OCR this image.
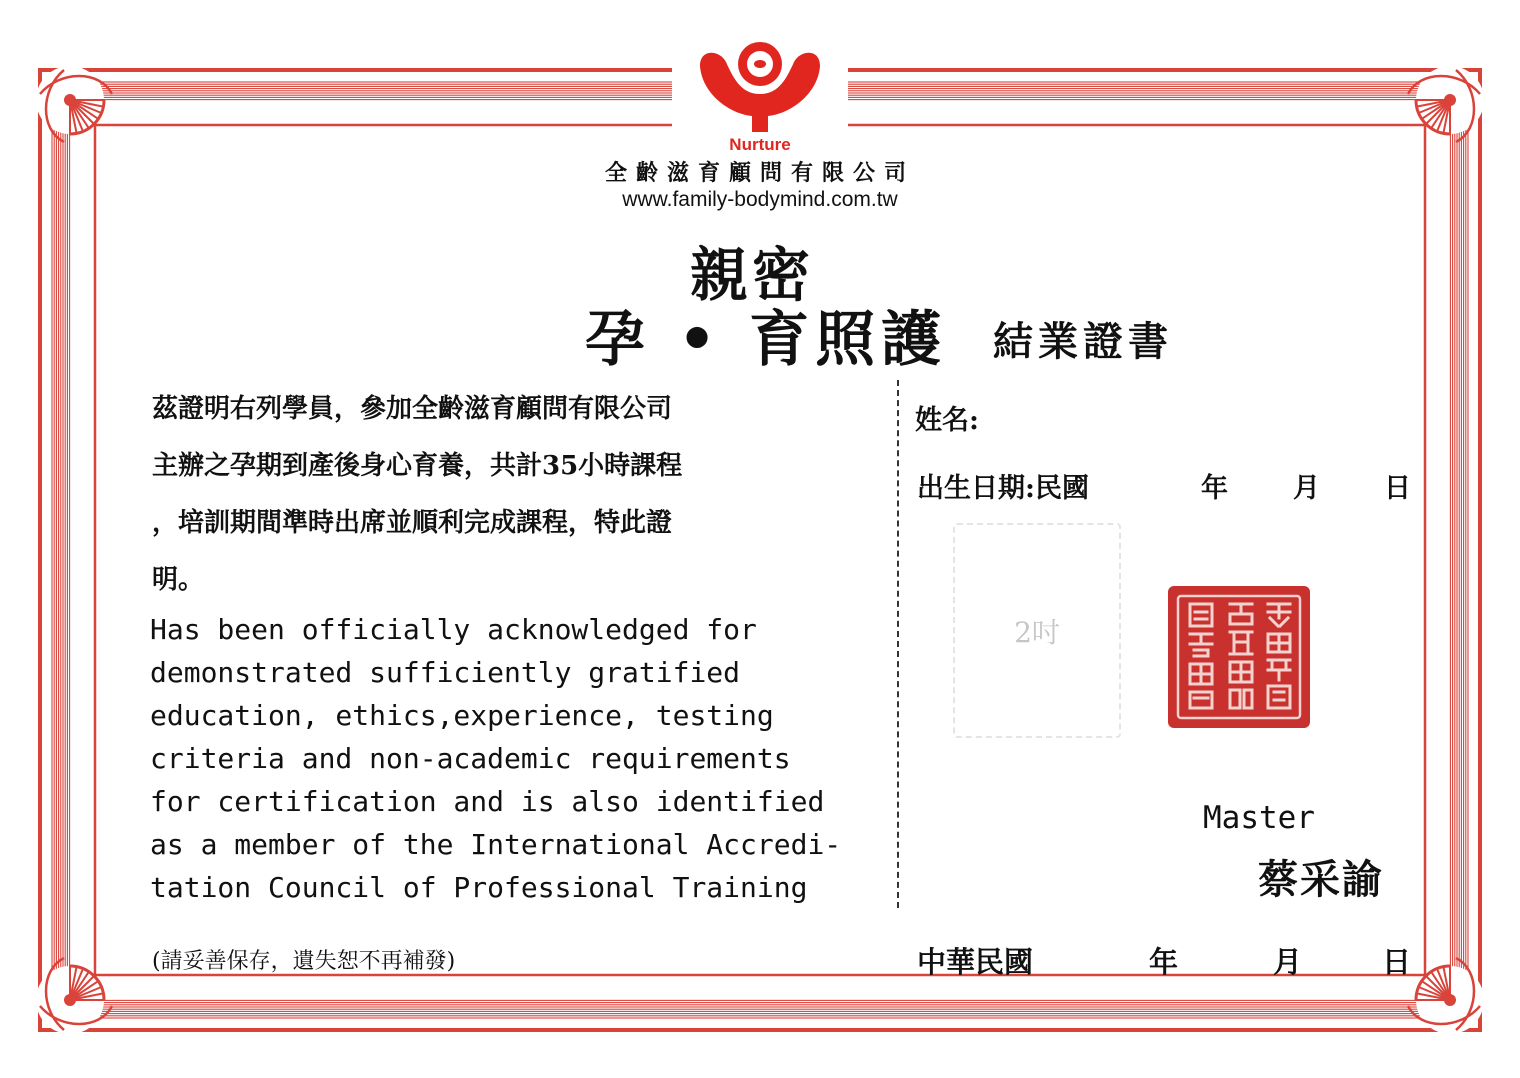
Nurture
全齡滋育顧問有限公司
www.family-bodymind.com.tw
親密
孕 • 育照護 結業證書
茲證明右列學員，參加全齡滋育顧問有限公司
主辦之孕期到產後身心育養，共計35小時課程
，培訓期間準時出席並順利完成課程，特此證
明。
Has been officially acknowledged for
demonstrated sufficiently gratified
education, ethics,experience, testing
criteria and non-academic requirements
for certification and is also identified
as a member of the International Accredi-
tation Council of Professional Training
姓名:
出生日期:民國	年 月 日
2吋
Master
蔡采諭
(請妥善保存，遺失恕不再補發)	中華民國	年	月	日
